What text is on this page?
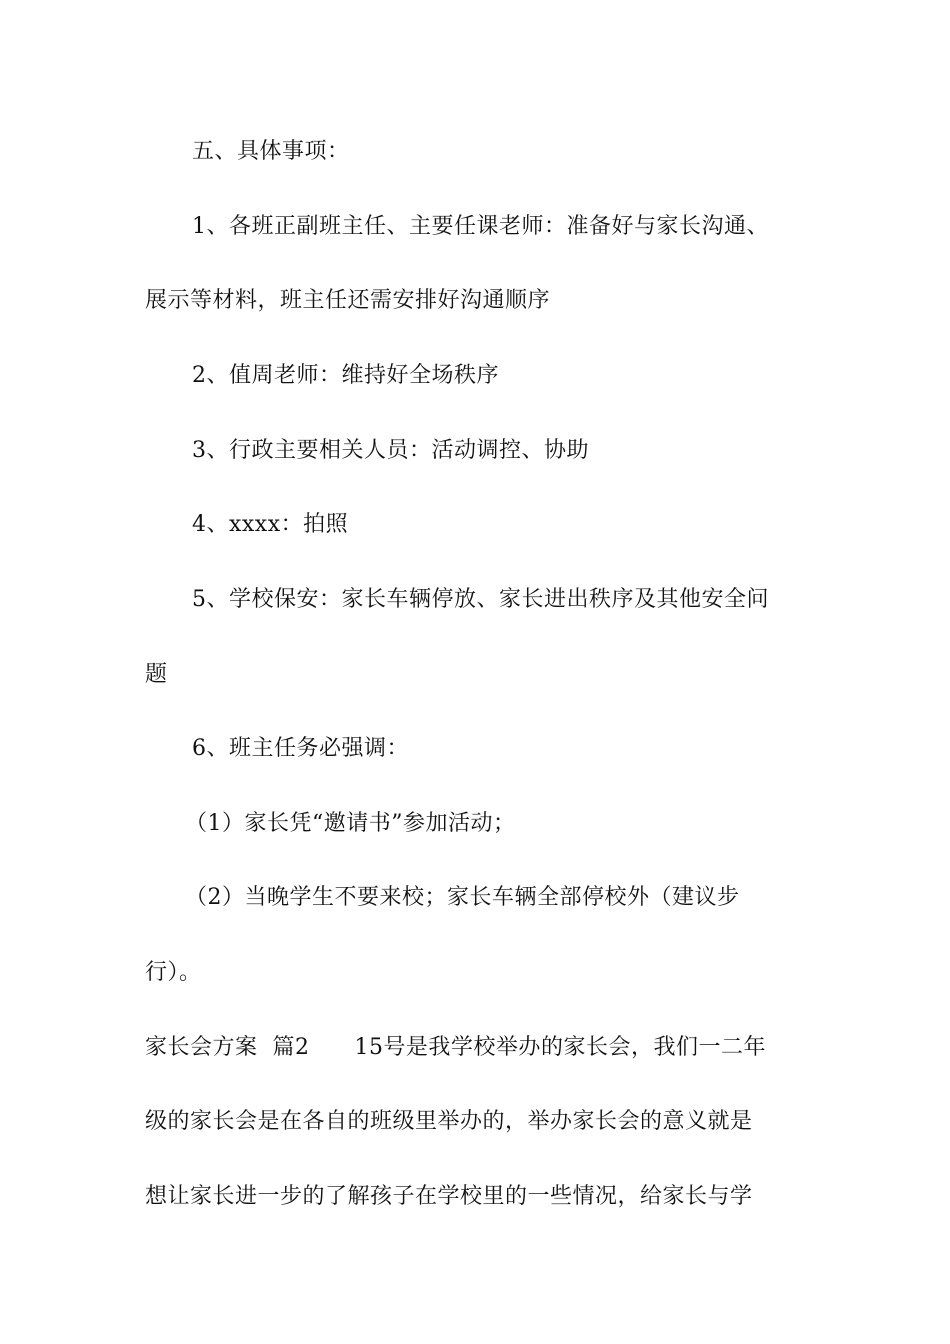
五、具体事项：
1、各班正副班主任、主要任课老师：准备好与家长沟通、
展示等材料，班主任还需安排好沟通顺序
2、值周老师：维持好全场秩序
3、行政主要相关人员：活动调控、协助
4、xxxx：拍照
5、学校保安：家长车辆停放、家长进出秩序及其他安全问
题
6、班主任务必强调：
（1）家长凭“邀请书”参加活动；
（2）当晚学生不要来校；家长车辆全部停校外（建议步
行）。
家长会方案  篇2      15号是我学校举办的家长会，我们一二年
级的家长会是在各自的班级里举办的，举办家长会的意义就是
想让家长进一步的了解孩子在学校里的一些情况，给家长与学
